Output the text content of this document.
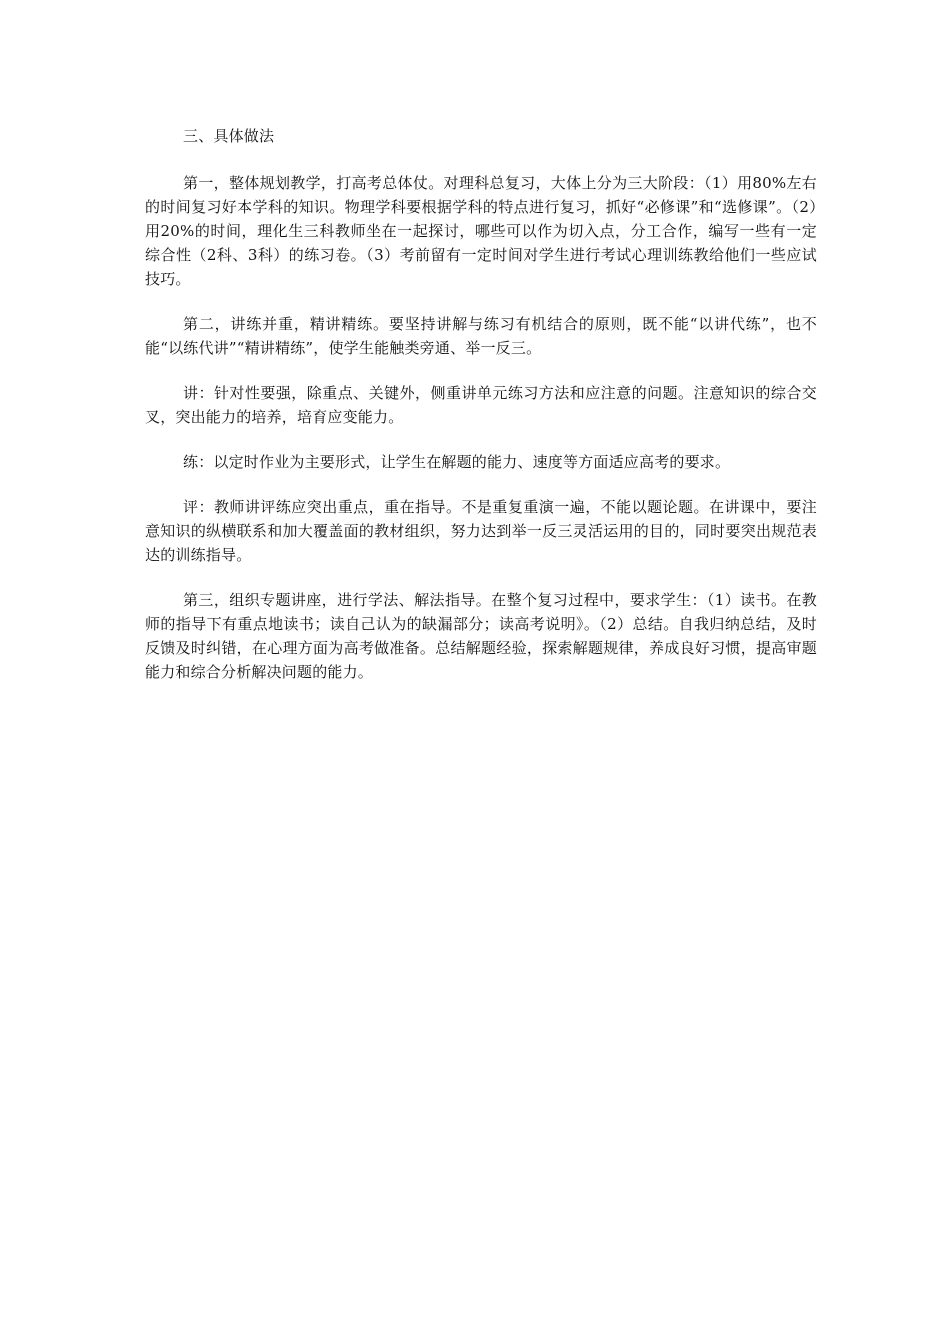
三、具体做法

第一，整体规划教学，打高考总体仗。对理科总复习，大体上分为三大阶段：（1）用80%左右的时间复习好本学科的知识。物理学科要根据学科的特点进行复习，抓好“必修课”和“选修课”。（2）用20%的时间，理化生三科教师坐在一起探讨，哪些可以作为切入点，分工合作，编写一些有一定综合性（2科、3科）的练习卷。（3）考前留有一定时间对学生进行考试心理训练教给他们一些应试技巧。

第二，讲练并重，精讲精练。要坚持讲解与练习有机结合的原则，既不能“以讲代练”，也不能“以练代讲”“精讲精练”，使学生能触类旁通、举一反三。

讲：针对性要强，除重点、关键外，侧重讲单元练习方法和应注意的问题。注意知识的综合交叉，突出能力的培养，培育应变能力。

练：以定时作业为主要形式，让学生在解题的能力、速度等方面适应高考的要求。

评：教师讲评练应突出重点，重在指导。不是重复重演一遍，不能以题论题。在讲课中，要注意知识的纵横联系和加大覆盖面的教材组织，努力达到举一反三灵活运用的目的，同时要突出规范表达的训练指导。

第三，组织专题讲座，进行学法、解法指导。在整个复习过程中，要求学生：（1）读书。在教师的指导下有重点地读书；读自己认为的缺漏部分；读高考说明》。（2）总结。自我归纳总结，及时反馈及时纠错，在心理方面为高考做准备。总结解题经验，探索解题规律，养成良好习惯，提高审题能力和综合分析解决问题的能力。
